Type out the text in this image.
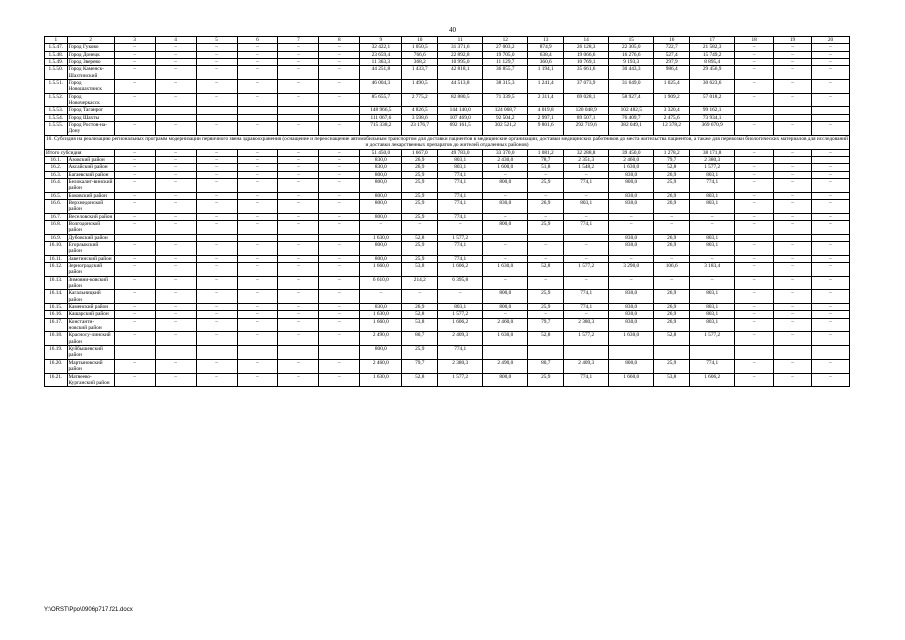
40
1	2	3	4	5	6	7	8	9	10	11	12	13	14	15	16	17	18	19	20
1.5.47.	Город Гуково	–	–	–	–	–	–	32 422,1	1 050,5	31 371,6	27 003,2	874,9	26 128,3	22 305,0	722,7	21 582,3	–	–	–
1.5.48.	Город Донецк	–	–	–	–	–	–	23 659,4	766,6	22 892,8	19 705,0	638,4	19 066,6	16 276,6	527,4	15 749,2	–	–	–
1.5.49.	Город Зверево	–	–	–	–	–	–	11 363,3	368,2	10 995,0	11 129,7	360,6	10 769,1	9 193,3	297,9	8 895,4	–	–	–
1.5.50.	Город Каменск-Шахтинский	–	–	–	–	–	–	44 251,8	1 433,7	42 818,1	36 855,7	1 194,1	35 661,6	30 443,3	986,4	29 456,9	–	–	–
1.5.51.	Город Новошахтинск	–	–	–	–	–	–	46 004,3	1 490,5	44 513,8	38 315,3	1 241,4	37 073,9	31 649,0	1 025,4	30 623,6	–	–	–
1.5.52.	Город Новочеркасск	–	–	–	–	–	–	85 655,7	2 775,2	82 880,5	71 339,5	2 311,4	69 028,1	58 927,4	1 909,2	57 018,2	–	–	–
1.5.53.	Город Таганрог							148 966,5	4 826,5	144 140,0	124 068,7	4 019,8	120 048,9	102 482,5	3 320,4	99 162,1			
1.5.54.	Город Шахты							111 067,6	3 598,6	107 469,0	92 504,2	2 997,1	89 507,1	76 409,7	2 475,6	73 934,1			
1.5.55.	Город Ростов-на-Дону	–	–	–	–	–	–	715 338,2	23 176,7	692 161,5	302 521,2	9 801,6	292 719,6	382 049,1	12 378,2	369 670,9	–	–	–
16. Субсидия на реализацию региональных программ модернизации первичного звена здравоохранения (оснащение и переоснащение автомобильным транспортом для доставки пациентов в медицинские организации, доставки медицинских работников до места жительства пациентов, а также для перевозки биологических материалов для исследований и доставки лекарственных препаратов до жителей отдаленных районов)																			
Итого субсидия		–	–	–	–	–	–	51 450,0	1 667,0	49 783,0	33 370,0	1 081,2	32 288,8	39 450,0	1 278,2	38 171,8	–	–	–
16.1.	Азовский район	–	–	–	–	–	–	830,0	26,9	803,1	2 430,0	78,7	2 351,3	2 460,0	79,7	2 380,3			
16.2.	Аксайский район	–	–	–	–	–	–	830,0	26,9	803,1	1 600,0	51,8	1 548,2	1 630,0	52,8	1 577,2	–	–	–
16.3.	Багаевский район	–	–	–	–	–	–	800,0	25,9	774,1	–	–	–	830,0	26,9	803,1	–	–	–
16.4.	Белокалит-винский район	–	–	–	–	–	–	800,0	25,9	774,1	800,0	25,9	774,1	800,0	25,9	774,1	–	–	–
16.5.	Боковский район	–	–	–	–	–	–	800,0	25,9	774,1	–	–	–	830,0	26,9	803,1	–	–	–
16.6.	Верхнедонской район	–	–	–	–	–	–	800,0	25,9	774,1	830,0	26,9	803,1	830,0	26,9	803,1	–	–	–
16.7.	Веселовский район	–	–	–	–	–	–	800,0	25,9	774,1	–	–	–	–	–	–	–	–	–
16.8.	Волгодонской район	–	–	–	–	–	–	–	–	–	800,0	25,9	774,1	–	–	–	–	–	–
16.9.	Дубовский район							1 630,0	52,8	1 577,2				830,0	26,9	803,1			
16.10.	Егорлыкский район	–	–	–	–	–	–	800,0	25,9	774,1	–	–	–	830,0	26,9	803,1	–	–	–
16.11.	Заветинский район	–	–	–	–	–	–	800,0	25,9	774,1	–	–	–	–	–	–	–	–	–
16.12.	Зерноградский район	–	–	–	–	–	–	1 660,0	53,8	1 606,2	1 630,0	52,8	1 577,2	3 290,0	106,6	3 183,4	–	–	–
16.13.	Зимовни-ковский район	–	–	–	–	–	–	6 610,0	214,2	6 395,8	–	–	–	–	–	–	–	–	–
16.14.	Кагальницкий район	–	–	–	–	–	–	–	–	–	800,0	25,9	774,1	830,0	26,9	803,1	–	–	–
16.15.	Каменский район	–	–	–	–	–	–	830,0	26,9	803,1	800,0	25,9	774,1	830,0	26,9	803,1	–	–	–
16.16.	Кашарский район	–	–	–	–	–	–	1 630,0	52,8	1 577,2	–	–	–	830,0	26,9	803,1	–	–	–
16.17.	Константи-новский район	–	–	–	–	–	–	1 660,0	53,8	1 606,2	2 460,0	79,7	2 380,3	830,0	26,9	803,1	–	–	–
16.18.	Красносу-линский район	–	–	–	–	–	–	2 490,0	80,7	2 409,3	1 630,0	52,8	1 577,2	1 630,0	52,8	1 577,2	–	–	–
16.19.	Куйбышевский район							800,0	25,9	774,1									
16.20.	Мартыновский район	–	–	–	–	–	–	2 460,0	79,7	2 380,3	2 490,0	80,7	2 409,3	800,0	25,9	774,1	–	–	–
16.21.	Матвеево-Курганский район	–	–	–	–	–	–	1 630,0	52,8	1 577,2	800,0	25,9	774,1	1 660,0	53,8	1 606,2	–	–	–
Y:\ORST\Ppo\0906p717.f21.docx
